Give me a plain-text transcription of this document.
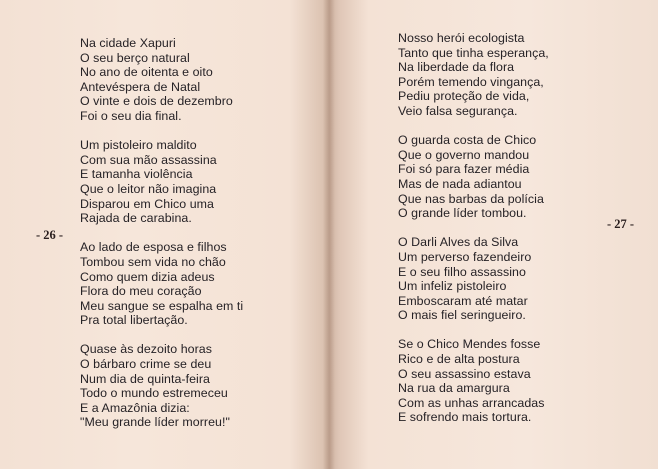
- 26 -
Na cidade Xapuri
O seu berço natural
No ano de oitenta e oito
Antevéspera de Natal
O vinte e dois de dezembro
Foi o seu dia final.
Um pistoleiro maldito
Com sua mão assassina
E tamanha violência
Que o leitor não imagina
Disparou em Chico uma
Rajada de carabina.
Ao lado de esposa e filhos
Tombou sem vida no chão
Como quem dizia adeus
Flora do meu coração
Meu sangue se espalha em ti
Pra total libertação.
Quase às dezoito horas
O bárbaro crime se deu
Num dia de quinta-feira
Todo o mundo estremeceu
E a Amazônia dizia:
"Meu grande líder morreu!"
- 27 -
Nosso herói ecologista
Tanto que tinha esperança,
Na liberdade da flora
Porém temendo vingança,
Pediu proteção de vida,
Veio falsa segurança.
O guarda costa de Chico
Que o governo mandou
Foi só para fazer média
Mas de nada adiantou
Que nas barbas da polícia
O grande líder tombou.
O Darli Alves da Silva
Um perverso fazendeiro
E o seu filho assassino
Um infeliz pistoleiro
Emboscaram até matar
O mais fiel seringueiro.
Se o Chico Mendes fosse
Rico e de alta postura
O seu assassino estava
Na rua da amargura
Com as unhas arrancadas
E sofrendo mais tortura.
